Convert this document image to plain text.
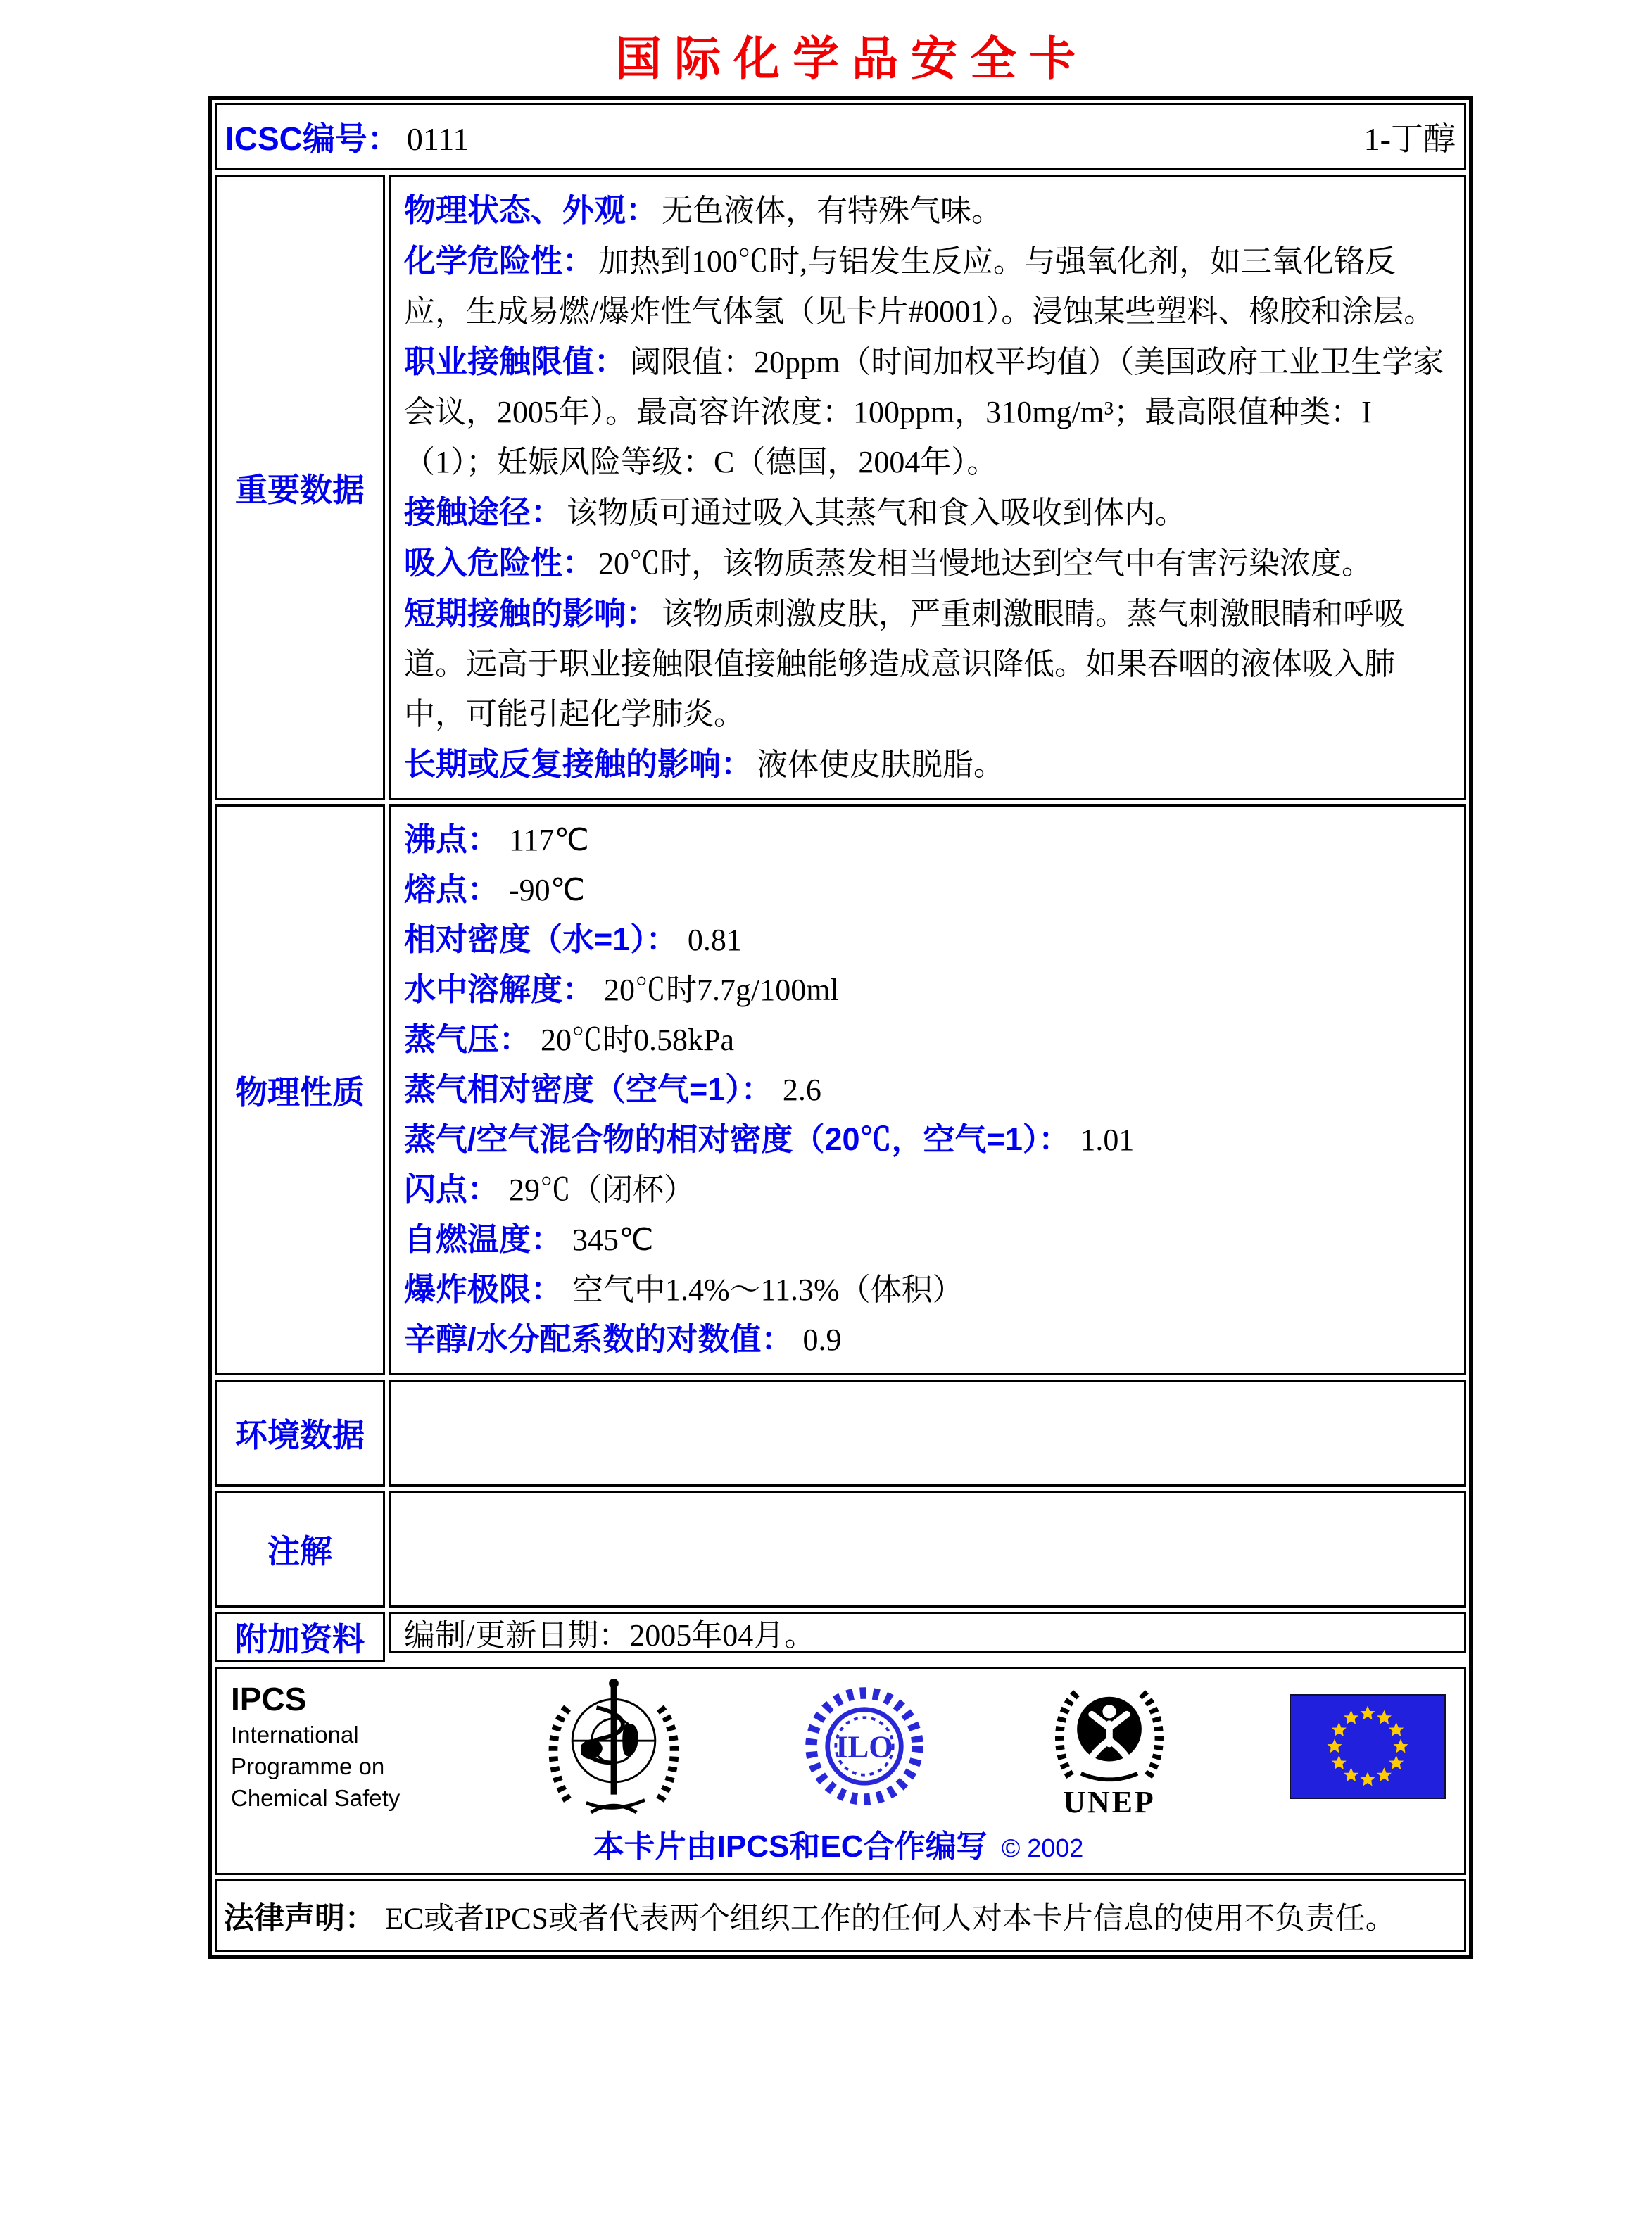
国际化学品安全卡
ICSC编号： 0111	1-丁醇
重要数据

物理状态、外观： 无色液体，有特殊气味。

化学危险性： 加热到100℃时,与铝发生反应。与强氧化剂，如三氧化铬反应，生成易燃/爆炸性气体氢（见卡片#0001）。浸蚀某些塑料、橡胶和涂层。

职业接触限值： 阈限值：20ppm（时间加权平均值）（美国政府工业卫生学家会议，2005年）。最高容许浓度：100ppm，310mg/m³；最高限值种类：I（1）；妊娠风险等级：C（德国，2004年）。

接触途径： 该物质可通过吸入其蒸气和食入吸收到体内。

吸入危险性： 20℃时，该物质蒸发相当慢地达到空气中有害污染浓度。

短期接触的影响： 该物质刺激皮肤，严重刺激眼睛。蒸气刺激眼睛和呼吸道。远高于职业接触限值接触能够造成意识降低。如果吞咽的液体吸入肺中，可能引起化学肺炎。

长期或反复接触的影响： 液体使皮肤脱脂。

物理性质

沸点： 117℃

熔点： -90℃

相对密度（水=1）： 0.81

水中溶解度： 20℃时7.7g/100ml

蒸气压： 20℃时0.58kPa

蒸气相对密度（空气=1）： 2.6

蒸气/空气混合物的相对密度（20℃，空气=1）： 1.01

闪点： 29℃（闭杯）

自燃温度： 345℃

爆炸极限： 空气中1.4%～11.3%（体积）

辛醇/水分配系数的对数值： 0.9

环境数据
注解
附加资料	编制/更新日期：2005年04月。
IPCS
International
Programme on
Chemical Safety
ILO
UNEP
本卡片由IPCS和EC合作编写 © 2002
法律声明： EC或者IPCS或者代表两个组织工作的任何人对本卡片信息的使用不负责任。
